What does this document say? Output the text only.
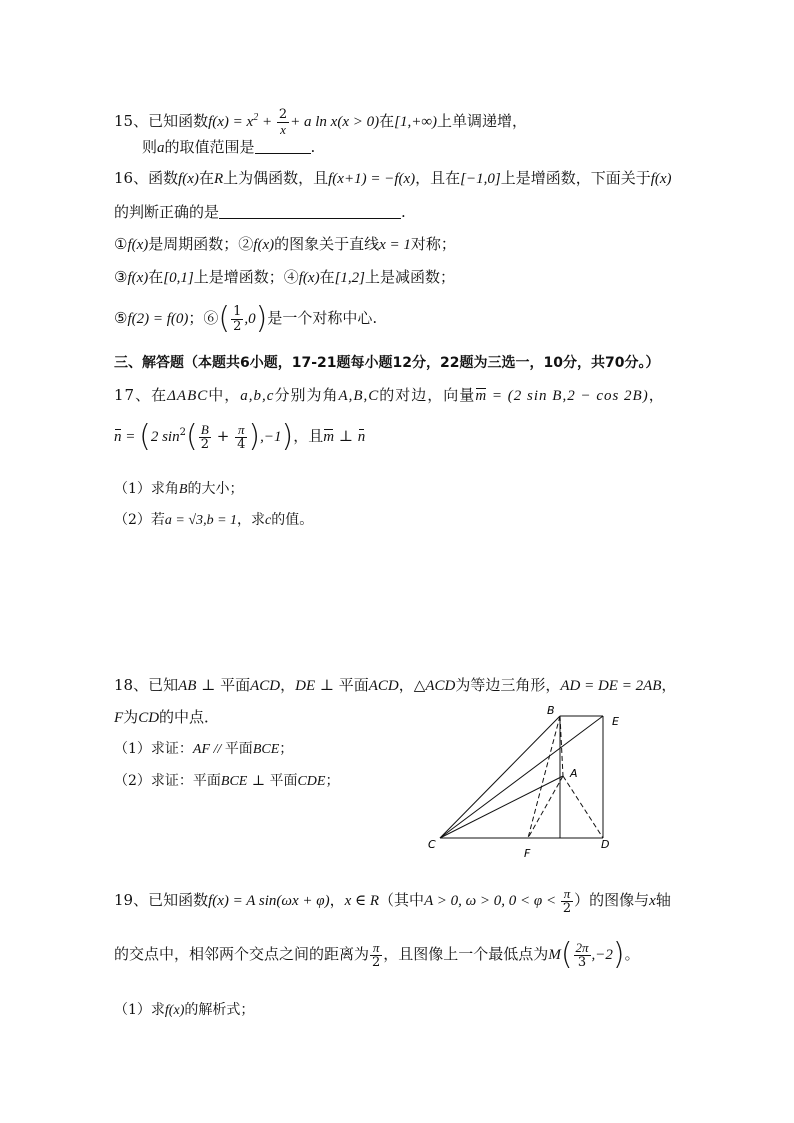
15、已知函数$f(x) = x^2 + \frac{2}{x} + a$ ln x(x > 0)在[1,+∞)上单调递增，
则a的取值范围是	.
16、函数f(x)在R上为偶函数，且f(x+1) = −f(x)，且在[−1,0]上是增函数，下面关于f(x)
的判断正确的是	.
①f(x)是周期函数；②f(x)的图象关于直线x = 1对称；
③f(x)在[0,1]上是增函数；④f(x)在[1,2]上是减函数；
⑤f(2) = f(0)；⑥( $\frac{1}{2} ,0$)是一个对称中心.
三、解答题（本题共6小题，17-21题每小题12分，22题为三选一，10分，共70分。）
17、在ΔABC中，a,b,c分别为角A,B,C的对边，向量m = (2 sin B,2 − cos 2B)，
n = (2 $\sin^2( \frac{B}{2} + \frac{\pi}{4} ),-1$)，且m ⊥ n
（1）求角B的大小；
（2）若a = √3,b = 1，求c的值。
18、已知AB ⊥ 平面ACD，DE ⊥ 平面ACD，△ACD为等边三角形，AD = DE = 2AB，
F为CD的中点．
（1）求证：AF // 平面BCE；
（2）求证：平面BCE ⊥ 平面CDE；
B
E
A
C
F
D
19、已知函数f(x) = A sin(ωx + φ)，x ∈ R（其中A > 0, ω > 0, $0 < \varphi < \frac{\pi}{2}$ ）的图像与x轴
的交点中，相邻两个交点之间的距离为 $\frac{\pi}{2}$ ，且图像上一个最低点为$M( \frac{2\pi}{3} ,-2)$。
（1）求f(x)的解析式；
